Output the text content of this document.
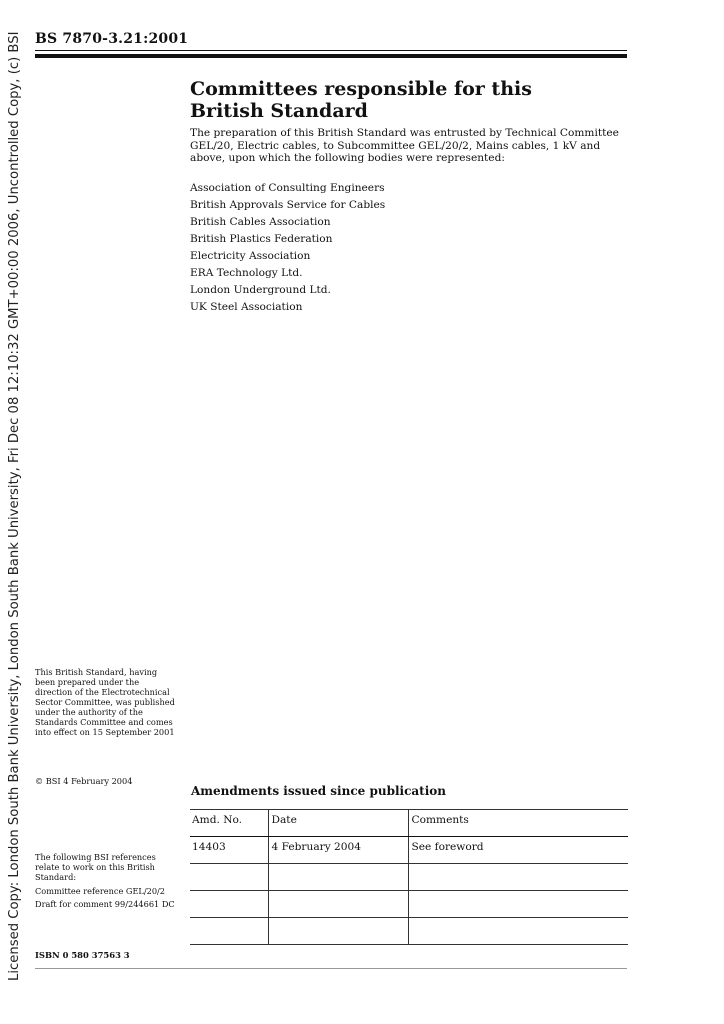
BS 7870-3.21:2001
Licensed Copy: London South Bank University, London South Bank University, Fri Dec 08 12:10:32 GMT+00:00 2006, Uncontrolled Copy, (c) BSI	Committees responsible for this
British Standard
The preparation of this British Standard was entrusted by Technical Committee GEL/20, Electric cables, to Subcommittee GEL/20/2, Mains cables, 1 kV and above, upon which the following bodies were represented:
Association of Consulting Engineers
British Approvals Service for Cables
British Cables Association
British Plastics Federation
Electricity Association
ERA Technology Ltd.
London Underground Ltd.
UK Steel Association
This British Standard, having been prepared under the direction of the Electrotechnical Sector Committee, was published under the authority of the Standards Committee and comes into effect on 15 September 2001
© BSI 4 February 2004
The following BSI references relate to work on this British Standard:
Committee reference GEL/20/2
Draft for comment 99/244661 DC
Amendments issued since publication
Amd. No.	Date	Comments
14403	4 February 2004	See foreword

ISBN 0 580 37563 3
